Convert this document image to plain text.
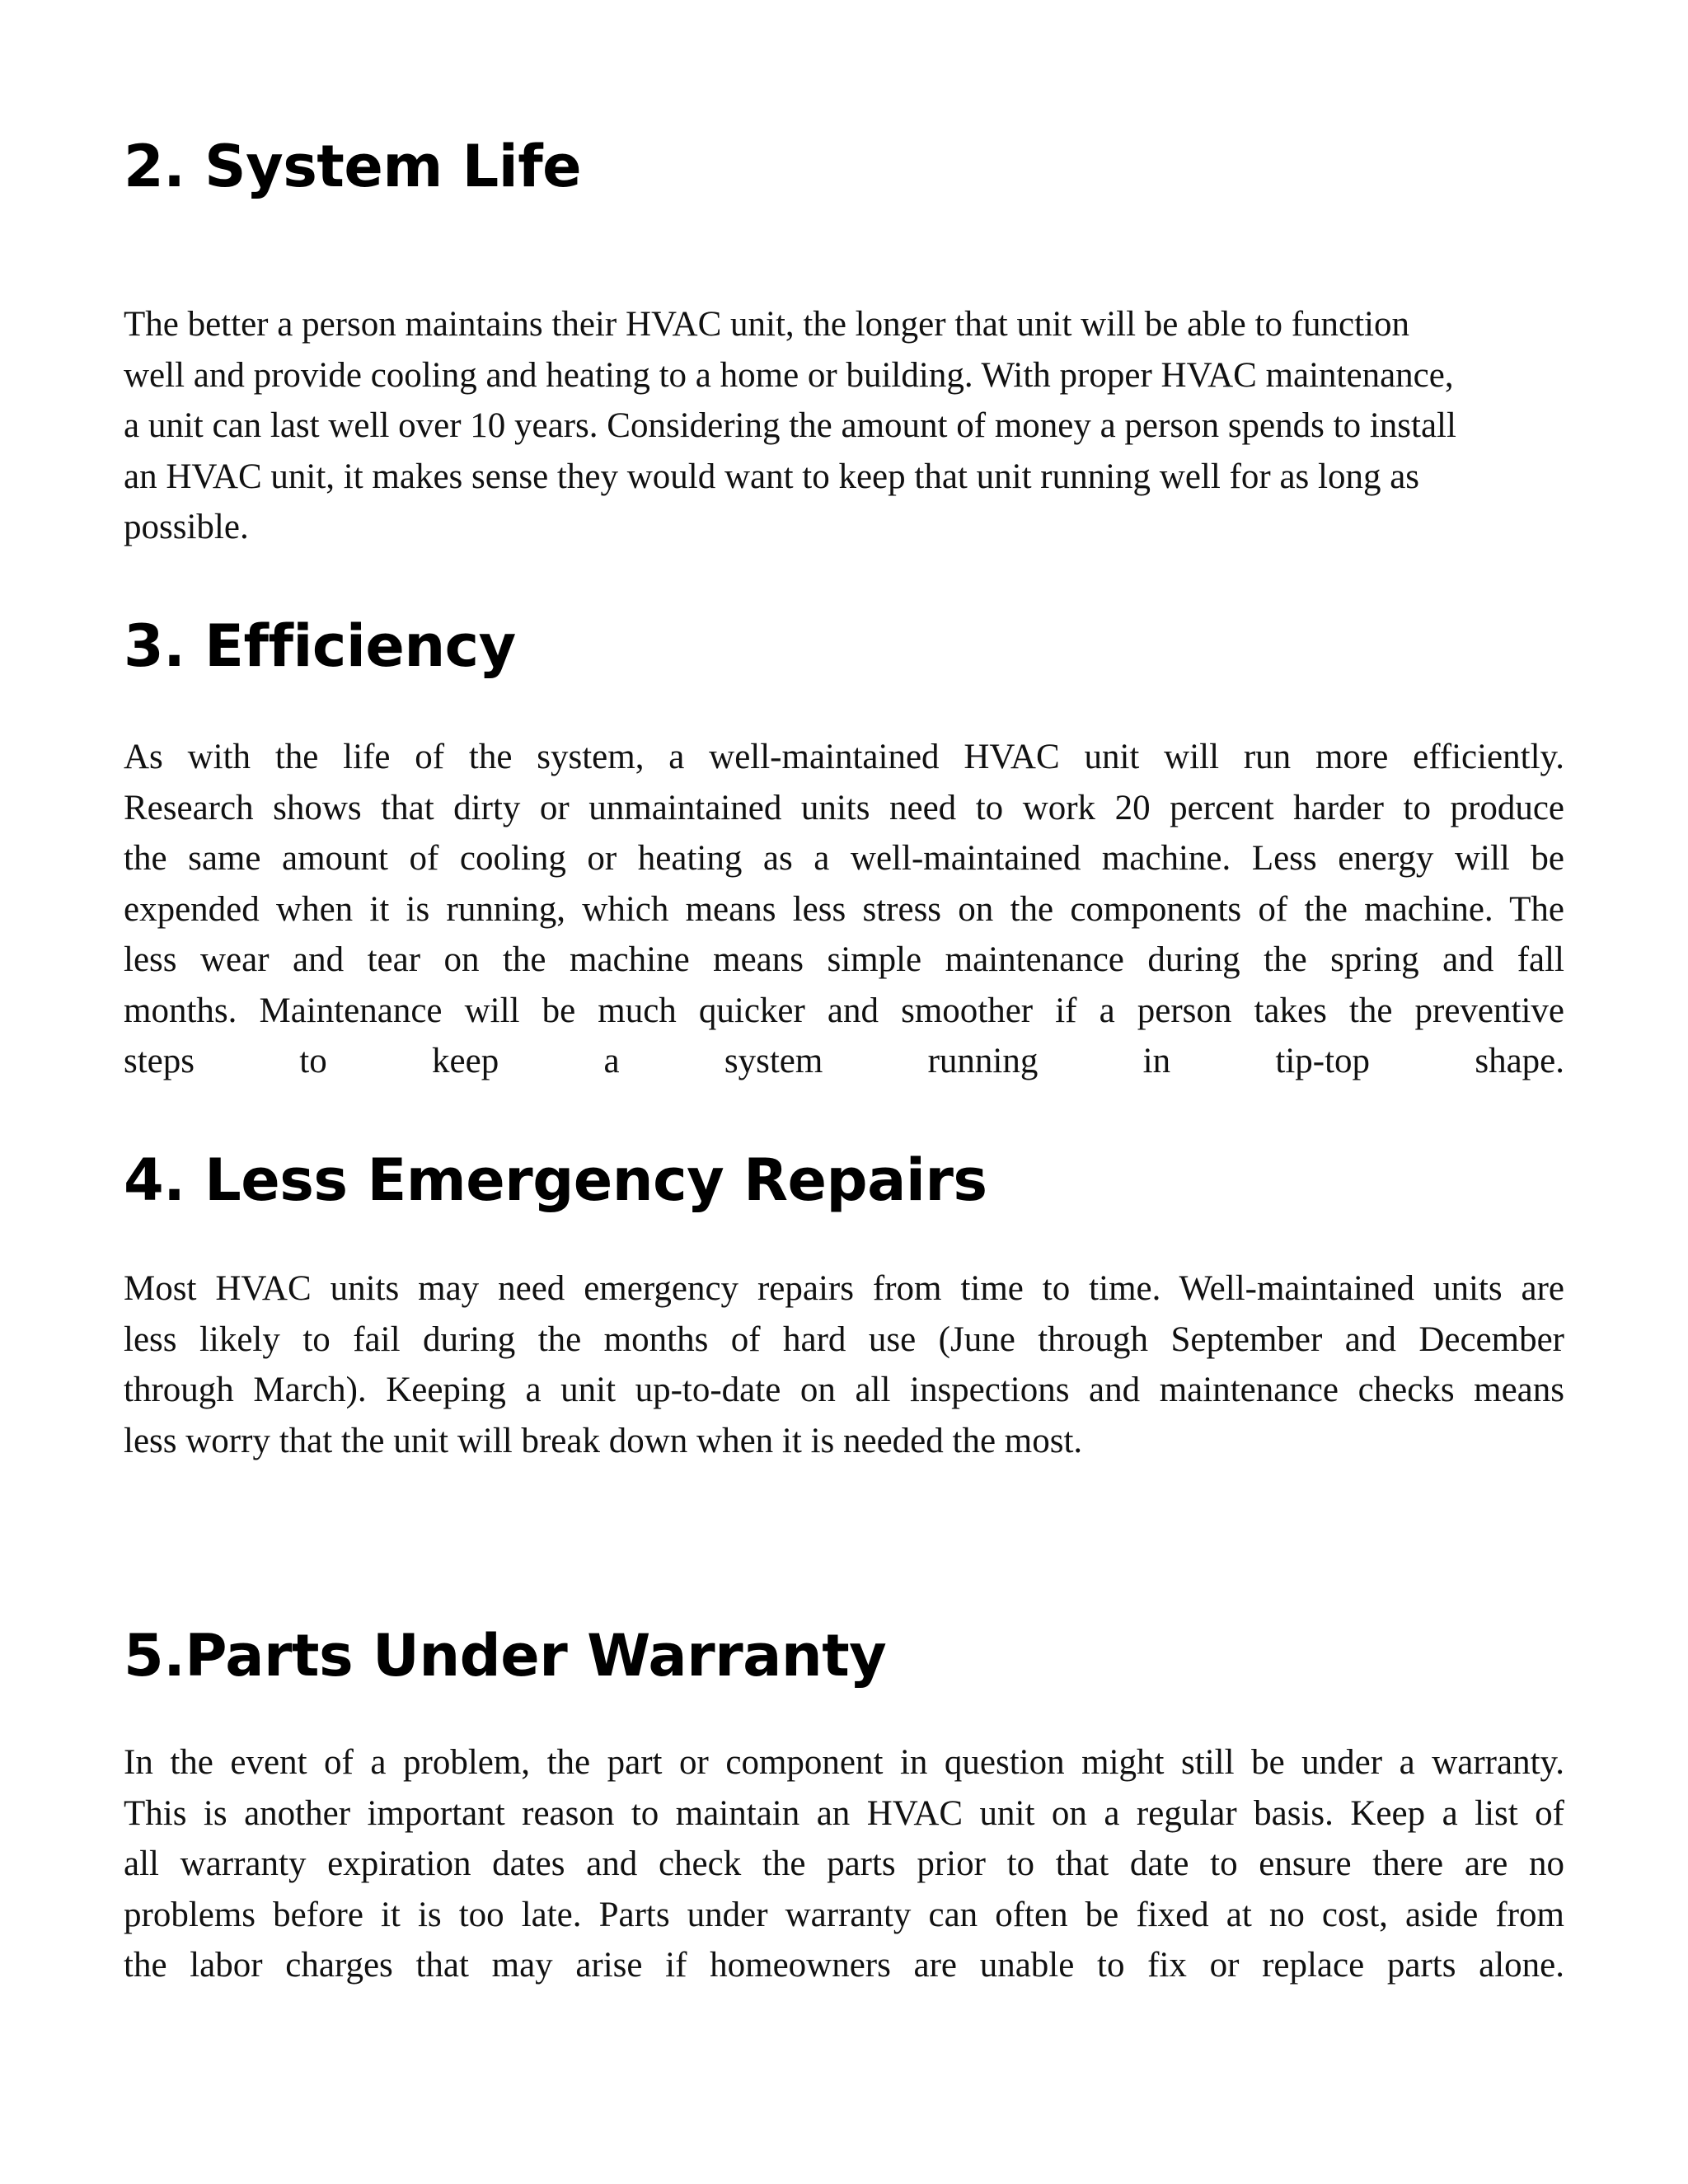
2. System Life
The better a person maintains their HVAC unit, the longer that unit will be able to function
well and provide cooling and heating to a home or building. With proper HVAC maintenance,
a unit can last well over 10 years. Considering the amount of money a person spends to install
an HVAC unit, it makes sense they would want to keep that unit running well for as long as
possible.
3. Efficiency
As with the life of the system, a well-maintained HVAC unit will run more efficiently.
Research shows that dirty or unmaintained units need to work 20 percent harder to produce
the same amount of cooling or heating as a well-maintained machine. Less energy will be
expended when it is running, which means less stress on the components of the machine. The
less wear and tear on the machine means simple maintenance during the spring and fall
months. Maintenance will be much quicker and smoother if a person takes the preventive
steps to keep a system running in tip-top shape.
4. Less Emergency Repairs
Most HVAC units may need emergency repairs from time to time. Well-maintained units are
less likely to fail during the months of hard use (June through September and December
through March). Keeping a unit up-to-date on all inspections and maintenance checks means
less worry that the unit will break down when it is needed the most.
5.Parts Under Warranty
In the event of a problem, the part or component in question might still be under a warranty.
This is another important reason to maintain an HVAC unit on a regular basis. Keep a list of
all warranty expiration dates and check the parts prior to that date to ensure there are no
problems before it is too late. Parts under warranty can often be fixed at no cost, aside from
the labor charges that may arise if homeowners are unable to fix or replace parts alone.
